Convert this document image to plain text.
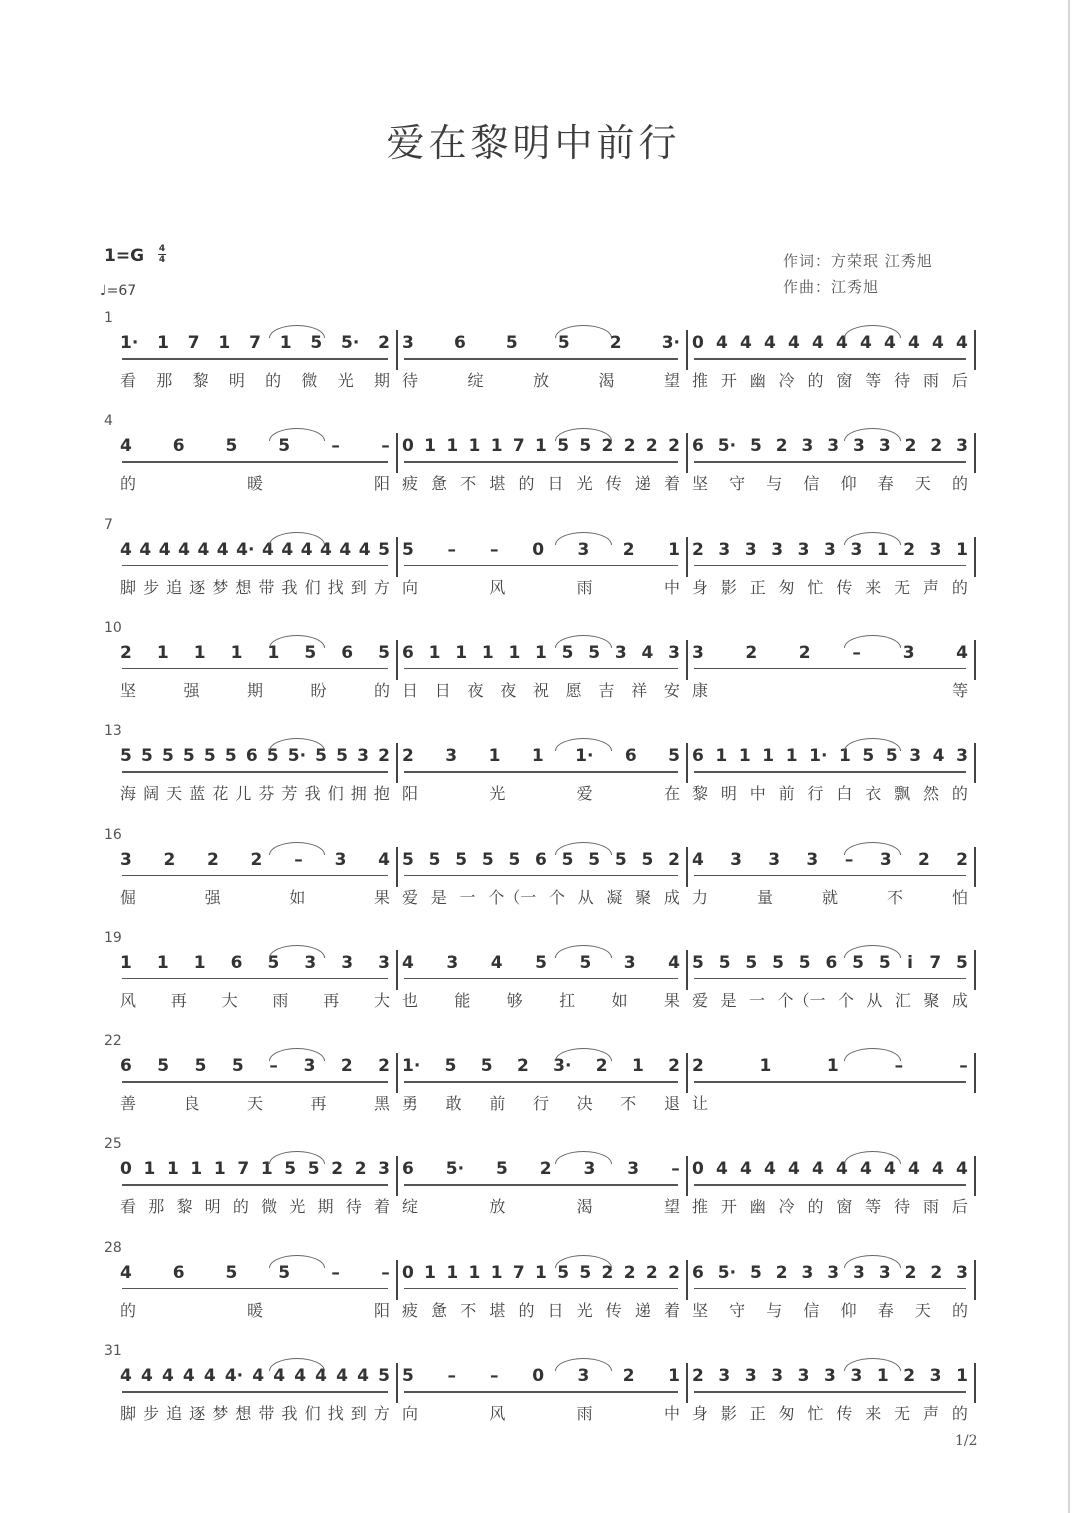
爱在黎明中前行
1=G 4
4
♩=67
作词：方荣珉 江秀旭
作曲：江秀旭
1
1· 1 7 1 7 1 5 5· 2
看 那 黎 明 的 微 光 期
3 6 5 5 2 3·
待	绽	放	渴	望
0 4 4 4 4 4 4 4 4 4 4 4
推 开 幽 冷 的 窗 等 待 雨 后
4
4 6 5 5 – –
的	暖	阳
0 1 1 1 1 7 1 5 5 2 2 2 2
疲 惫 不 堪 的 日 光 传 递 着
6 5· 5 2 3 3 3 3 2 2 3
坚 守 与 信 仰 春 天 的
7
4 4 4 4 4 4 4· 4 4 4 4 4 4 5
脚 步 追 逐 梦 想 带 我 们 找 到 方
5 – – 0 3 2 1
向	风	雨	中
2 3 3 3 3 3 3 1 2 3 1
身 影 正 匆 忙 传 来 无 声 的
10
2 1 1 1 1 5 6 5
坚	强	期	盼	的
6 1 1 1 1 1 5 5 3 4 3
日 日 夜 夜 祝 愿 吉 祥 安
3 2 2 – 3 4
康	等
13
5 5 5 5 5 5 6 5 5· 5 5 3 2
海 阔 天 蓝 花 儿 芬 芳 我 们 拥 抱
2 3 1 1 1· 6 5
阳	光	爱	在
6 1 1 1 1 1· 1 5 5 3 4 3
黎 明 中 前 行 白 衣 飘 然 的
16
3 2 2 2 – 3 4
倔	强	如	果
5 5 5 5 5 6 5 5 5 5 2
爱 是 一 个（一 个 从 凝 聚 成
4 3 3 3 – 3 2 2
力	量	就	不	怕
19
1 1 1 6 5 3 3 3
风 再 大 雨 再 大
4 3 4 5 5 3 4
也 能 够 扛 如 果
5 5 5 5 5 6 5 5 i 7 5
爱 是 一 个（一 个 从 汇 聚 成
22
6 5 5 5 – 3 2 2
善	良	天	再	黑
1· 5 5 2 3· 2 1 2
勇 敢 前 行 决 不 退
2	1	1	–	–
让
25
0 1 1 1 1 7 1 5 5 2 2 3
看 那 黎 明 的 微 光 期 待 着
6 5· 5 2 3 3 –
绽	放	渴	望
0 4 4 4 4 4 4 4 4 4 4 4
推 开 幽 冷 的 窗 等 待 雨 后
28
4 6 5 5 – –
的	暖	阳
0 1 1 1 1 7 1 5 5 2 2 2 2
疲 惫 不 堪 的 日 光 传 递 着
6 5· 5 2 3 3 3 3 2 2 3
坚 守 与 信 仰 春 天 的
31
4 4 4 4 4 4· 4 4 4 4 4 4 5
脚 步 追 逐 梦 想 带 我 们 找 到 方
5 – – 0 3 2 1
向	风	雨	中
2 3 3 3 3 3 3 1 2 3 1
身 影 正 匆 忙 传 来 无 声 的
1/2
